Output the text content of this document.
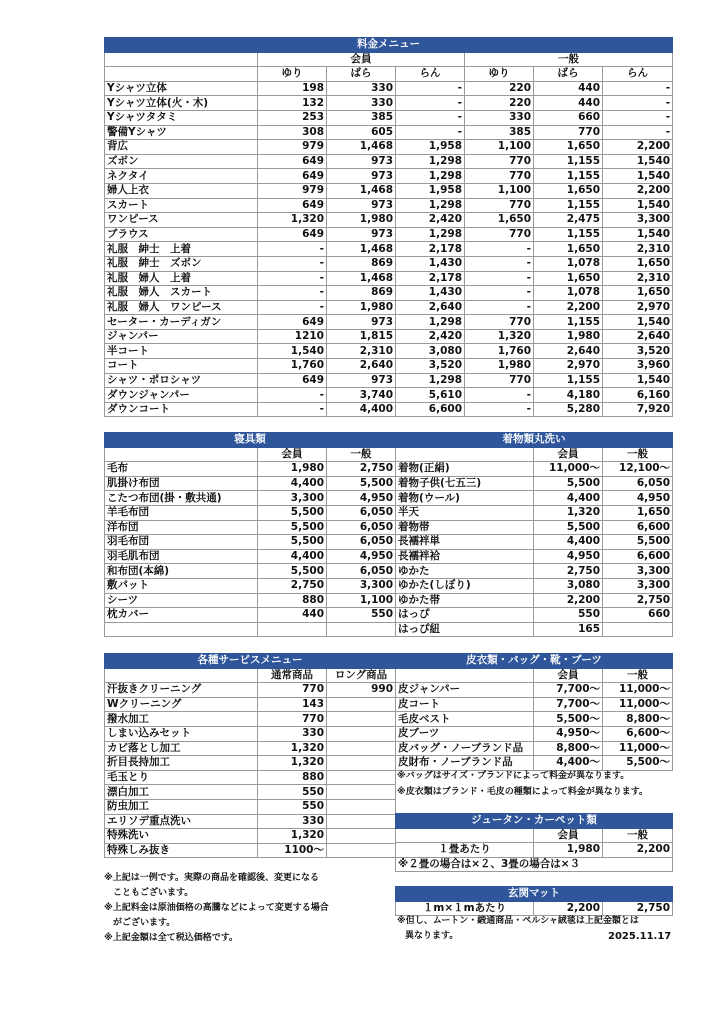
料金メニュー						
	会員			一般		
	ゆり	ばら	らん	ゆり	ばら	らん
Yシャツ立体	198	330	-	220	440	-
Yシャツ立体(火・木)	132	330	-	220	440	-
Yシャツタタミ	253	385	-	330	660	-
警備Yシャツ	308	605	-	385	770	-
背広	979	1,468	1,958	1,100	1,650	2,200
ズボン	649	973	1,298	770	1,155	1,540
ネクタイ	649	973	1,298	770	1,155	1,540
婦人上衣	979	1,468	1,958	1,100	1,650	2,200
スカート	649	973	1,298	770	1,155	1,540
ワンピース	1,320	1,980	2,420	1,650	2,475	3,300
ブラウス	649	973	1,298	770	1,155	1,540
礼服　紳士　上着	-	1,468	2,178	-	1,650	2,310
礼服　紳士　ズボン	-	869	1,430	-	1,078	1,650
礼服　婦人　上着	-	1,468	2,178	-	1,650	2,310
礼服　婦人　スカート	-	869	1,430	-	1,078	1,650
礼服　婦人　ワンピース	-	1,980	2,640	-	2,200	2,970
セーター・カーディガン	649	973	1,298	770	1,155	1,540
ジャンパー	1210	1,815	2,420	1,320	1,980	2,640
半コート	1,540	2,310	3,080	1,760	2,640	3,520
コート	1,760	2,640	3,520	1,980	2,970	3,960
シャツ・ポロシャツ	649	973	1,298	770	1,155	1,540
ダウンジャンパー	-	3,740	5,610	-	4,180	6,160
ダウンコート	-	4,400	6,600	-	5,280	7,920
寝具類			着物類丸洗い		
	会員	一般		会員	一般
毛布	1,980	2,750	着物(正絹)	11,000～	12,100～
肌掛け布団	4,400	5,500	着物子供(七五三)	5,500	6,050
こたつ布団(掛・敷共通)	3,300	4,950	着物(ウール)	4,400	4,950
羊毛布団	5,500	6,050	半天	1,320	1,650
洋布団	5,500	6,050	着物帯	5,500	6,600
羽毛布団	5,500	6,050	長襦袢単	4,400	5,500
羽毛肌布団	4,400	4,950	長襦袢袷	4,950	6,600
和布団(本綿)	5,500	6,050	ゆかた	2,750	3,300
敷パット	2,750	3,300	ゆかた(しぼり)	3,080	3,300
シーツ	880	1,100	ゆかた帯	2,200	2,750
枕カバー	440	550	はっぴ	550	660
			はっぴ紐	165	
各種サービスメニュー		
	通常商品	ロング商品
汗抜きクリーニング	770	990
Wクリーニング	143	
撥水加工	770	
しまい込みセット	330	
カビ落とし加工	1,320	
折目長持加工	1,320	
毛玉とり	880	
漂白加工	550	
防虫加工	550	
エリソデ重点洗い	330	
特殊洗い	1,320	
特殊しみ抜き	1100～	
皮衣類・バッグ・靴・ブーツ		
	会員	一般
皮ジャンパー	7,700～	11,000～
皮コート	7,700～	11,000～
毛皮ベスト	5,500～	8,800～
皮ブーツ	4,950～	6,600～
皮バッグ・ノーブランド品	8,800～	11,000～
皮財布・ノーブランド品	4,400～	5,500～
※バッグはサイズ・ブランドによって料金が異なります。
※皮衣類はブランド・毛皮の種類によって料金が異なります。
ジュータン・カーペット類		
	会員	一般
１畳あたり	1,980	2,200
※２畳の場合は×２、3畳の場合は×３		
玄関マット
１m×１mあたり	2,200	2,750
※但し、ムートン・緞通商品・ペルシャ絨毯は上記金額とは
異なります。	2025.11.17
※上記は一例です。実際の商品を確認後、変更になる
　こともございます。
※上記料金は原油価格の高騰などによって変更する場合
　がございます。
※上記金額は全て税込価格です。
